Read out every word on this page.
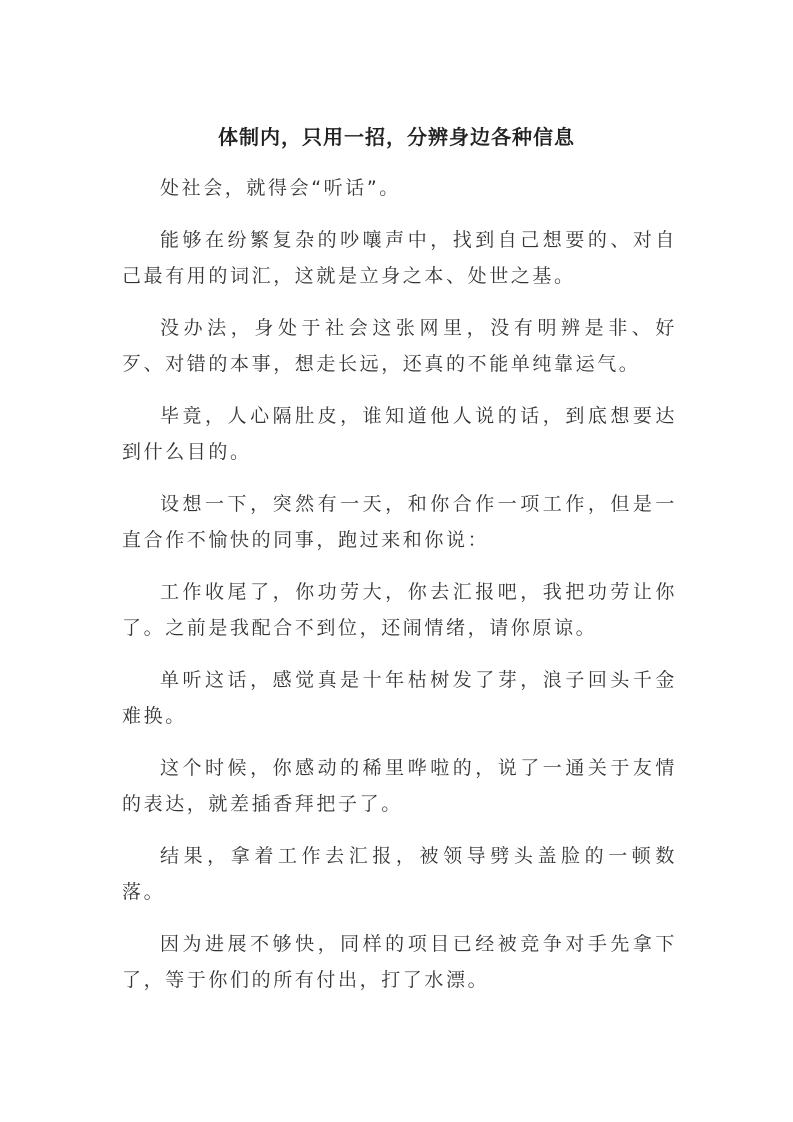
体制内，只用一招，分辨身边各种信息

处社会，就得会“听话”。

能够在纷繁复杂的吵嚷声中，找到自己想要的、对自己最有用的词汇，这就是立身之本、处世之基。

没办法，身处于社会这张网里，没有明辨是非、好歹、对错的本事，想走长远，还真的不能单纯靠运气。

毕竟，人心隔肚皮，谁知道他人说的话，到底想要达到什么目的。

设想一下，突然有一天，和你合作一项工作，但是一直合作不愉快的同事，跑过来和你说：

工作收尾了，你功劳大，你去汇报吧，我把功劳让你了。之前是我配合不到位，还闹情绪，请你原谅。

单听这话，感觉真是十年枯树发了芽，浪子回头千金难换。

这个时候，你感动的稀里哗啦的，说了一通关于友情的表达，就差插香拜把子了。

结果，拿着工作去汇报，被领导劈头盖脸的一顿数落。

因为进展不够快，同样的项目已经被竞争对手先拿下了，等于你们的所有付出，打了水漂。
